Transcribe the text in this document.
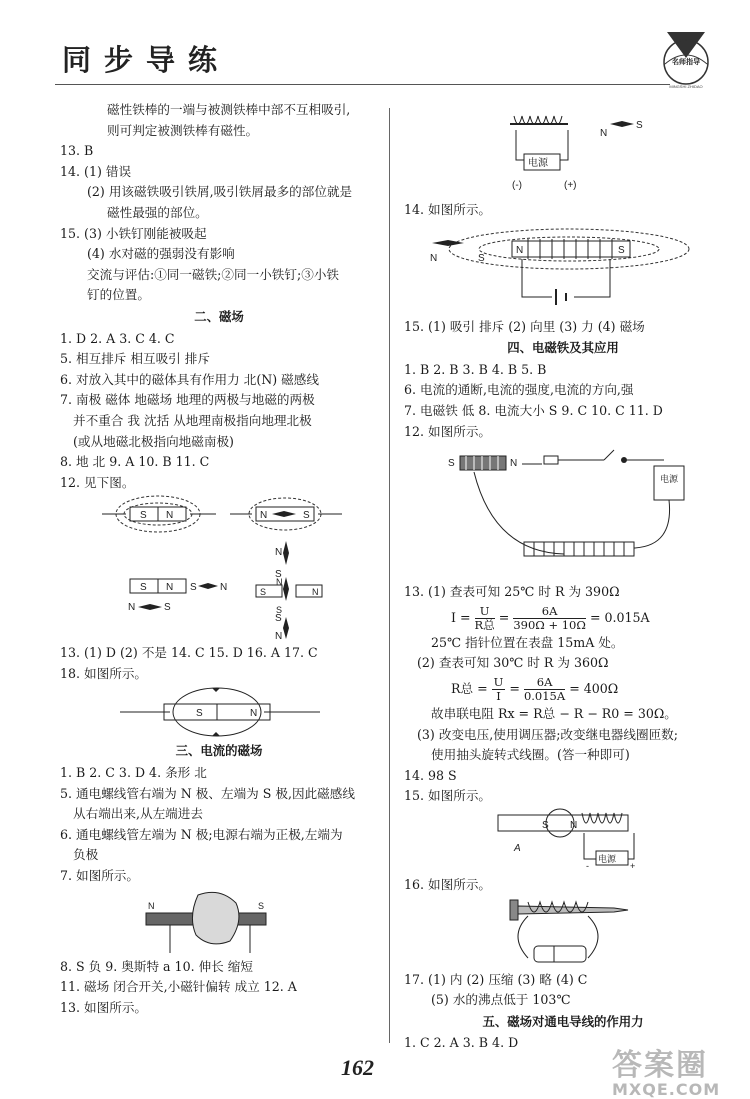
同步导练	名师指导
MINGSHI ZHIDAO
磁性铁棒的一端与被测铁棒中部不互相吸引,
则可判定被测铁棒有磁性。
13. B
14. (1) 错误
(2) 用该磁铁吸引铁屑,吸引铁屑最多的部位就是
磁性最强的部位。
15. (3) 小铁钉刚能被吸起
(4) 水对磁的强弱没有影响
交流与评估:①同一磁铁;②同一小铁钉;③小铁
钉的位置。
二、磁场
1. D 2. A 3. C 4. C
5. 相互排斥 相互吸引 排斥
6. 对放入其中的磁体具有作用力 北(N) 磁感线
7. 南极 磁体 地磁场 地理的两极与地磁的两极
并不重合 我 沈括 从地理南极指向地理北极
(或从地磁北极指向地磁南极)
8. 地 北 9. A 10. B 11. C
12. 见下图。
S N	N	S
N
S
S N S N
N	S
S	N
N
S
S
N
13. (1) D (2) 不是 14. C 15. D 16. A 17. C
18. 如图所示。
S	N
三、电流的磁场
1. B 2. C 3. D 4. 条形 北
5. 通电螺线管右端为 N 极、左端为 S 极,因此磁感线
从右端出来,从左端进去
6. 通电螺线管左端为 N 极;电源右端为正极,左端为
负极
7. 如图所示。
N	S
8. S 负 9. 奥斯特 a 10. 伸长 缩短
11. 磁场 闭合开关,小磁针偏转 成立 12. A
13. 如图所示。
N
S
电源
(-)	(+)
14. 如图所示。
N	S
N	S
15. (1) 吸引 排斥 (2) 向里 (3) 力 (4) 磁场
四、电磁铁及其应用
1. B 2. B 3. B 4. B 5. B
6. 电流的通断,电流的强度,电流的方向,强
7. 电磁铁 低 8. 电流大小 S 9. C 10. C 11. D
12. 如图所示。
S	N
电源
13. (1) 查表可知 25℃ 时 R 为 390Ω
$I = \frac{U}{\text{R总}} = \frac{6A}{390\Omega + 10\Omega} = 0.015A$
25℃ 指针位置在表盘 15mA 处。
(2) 查表可知 30℃ 时 R 为 360Ω
R总 = $\frac{U}{I} = \frac{6A}{0.015A} = 400\Omega$
故串联电阻 Rx = R总 − R − R0 = 30Ω。
(3) 改变电压,使用调压器;改变继电器线圈匝数;
使用抽头旋转式线圈。(答一种即可)
14. 98 S
15. 如图所示。
S N
A
电源
-	+
16. 如图所示。
17. (1) 内 (2) 压缩 (3) 略 (4) C
(5) 水的沸点低于 103℃
五、磁场对通电导线的作用力
1. C 2. A 3. B 4. D
162	答案圈
MXQE.COM
